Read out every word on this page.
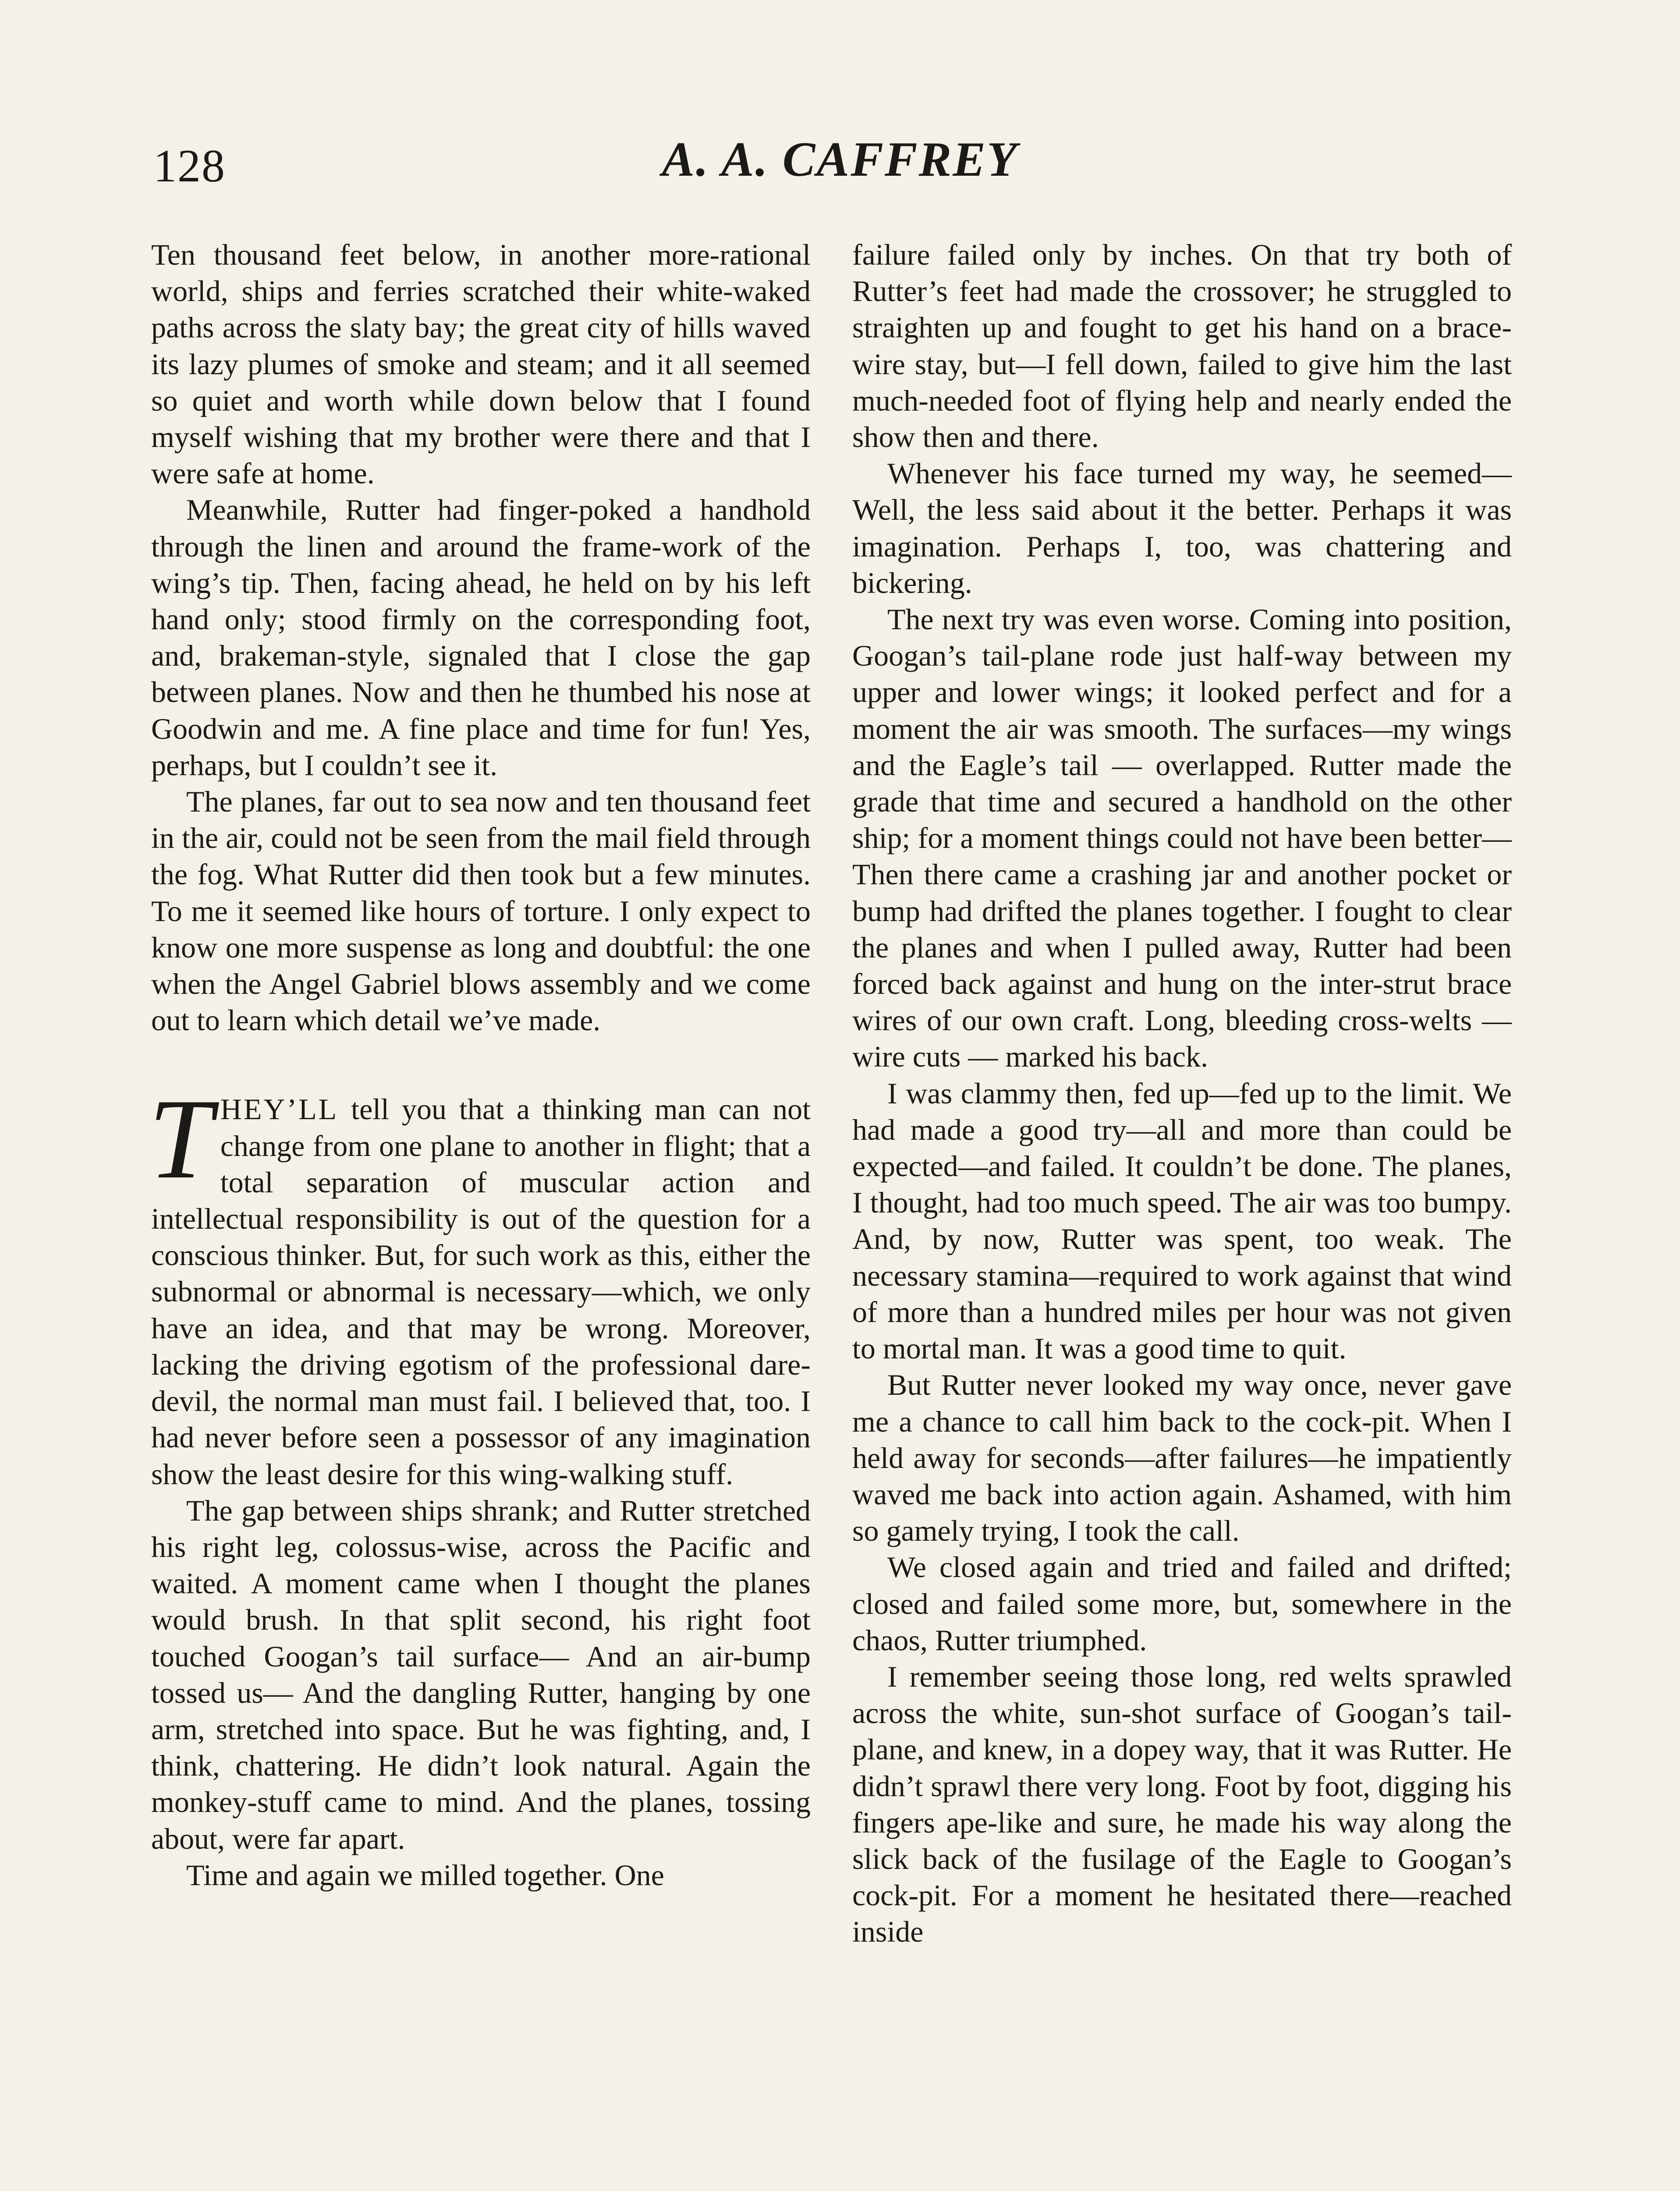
128	A. A. CAFFREY

Ten thousand feet below, in another more-rational world, ships and ferries scratched their white-waked paths across the slaty bay; the great city of hills waved its lazy plumes of smoke and steam; and it all seemed so quiet and worth while down below that I found myself wishing that my brother were there and that I were safe at home.

Meanwhile, Rutter had finger-poked a handhold through the linen and around the frame-work of the wing’s tip. Then, facing ahead, he held on by his left hand only; stood firmly on the corresponding foot, and, brakeman-style, signaled that I close the gap between planes. Now and then he thumbed his nose at Goodwin and me. A fine place and time for fun! Yes, perhaps, but I couldn’t see it.

The planes, far out to sea now and ten thousand feet in the air, could not be seen from the mail field through the fog. What Rutter did then took but a few minutes. To me it seemed like hours of torture. I only expect to know one more suspense as long and doubtful: the one when the Angel Gabriel blows assembly and we come out to learn which detail we’ve made.

THEY’LL tell you that a thinking man can not change from one plane to another in flight; that a total separation of muscular action and intellectual responsibility is out of the question for a conscious thinker. But, for such work as this, either the subnormal or abnormal is necessary—which, we only have an idea, and that may be wrong. Moreover, lacking the driving egotism of the professional dare-devil, the normal man must fail. I believed that, too. I had never before seen a possessor of any imagination show the least desire for this wing-walking stuff.

The gap between ships shrank; and Rutter stretched his right leg, colossus-wise, across the Pacific and waited. A moment came when I thought the planes would brush. In that split second, his right foot touched Googan’s tail surface— And an air-bump tossed us— And the dangling Rutter, hanging by one arm, stretched into space. But he was fighting, and, I think, chattering. He didn’t look natural. Again the monkey-stuff came to mind. And the planes, tossing about, were far apart.

Time and again we milled together. One

failure failed only by inches. On that try both of Rutter’s feet had made the crossover; he struggled to straighten up and fought to get his hand on a brace-wire stay, but—I fell down, failed to give him the last much-needed foot of flying help and nearly ended the show then and there.

Whenever his face turned my way, he seemed— Well, the less said about it the better. Perhaps it was imagination. Perhaps I, too, was chattering and bickering.

The next try was even worse. Coming into position, Googan’s tail-plane rode just half-way between my upper and lower wings; it looked perfect and for a moment the air was smooth. The surfaces—my wings and the Eagle’s tail — overlapped. Rutter made the grade that time and secured a handhold on the other ship; for a moment things could not have been better— Then there came a crashing jar and another pocket or bump had drifted the planes together. I fought to clear the planes and when I pulled away, Rutter had been forced back against and hung on the inter-strut brace wires of our own craft. Long, bleeding cross-welts — wire cuts — marked his back.

I was clammy then, fed up—fed up to the limit. We had made a good try—all and more than could be expected—and failed. It couldn’t be done. The planes, I thought, had too much speed. The air was too bumpy. And, by now, Rutter was spent, too weak. The necessary stamina—required to work against that wind of more than a hundred miles per hour was not given to mortal man. It was a good time to quit.

But Rutter never looked my way once, never gave me a chance to call him back to the cock-pit. When I held away for seconds—after failures—he impatiently waved me back into action again. Ashamed, with him so gamely trying, I took the call.

We closed again and tried and failed and drifted; closed and failed some more, but, somewhere in the chaos, Rutter triumphed.

I remember seeing those long, red welts sprawled across the white, sun-shot surface of Googan’s tail-plane, and knew, in a dopey way, that it was Rutter. He didn’t sprawl there very long. Foot by foot, digging his fingers ape-like and sure, he made his way along the slick back of the fusilage of the Eagle to Googan’s cock-pit. For a moment he hesitated there—reached inside
